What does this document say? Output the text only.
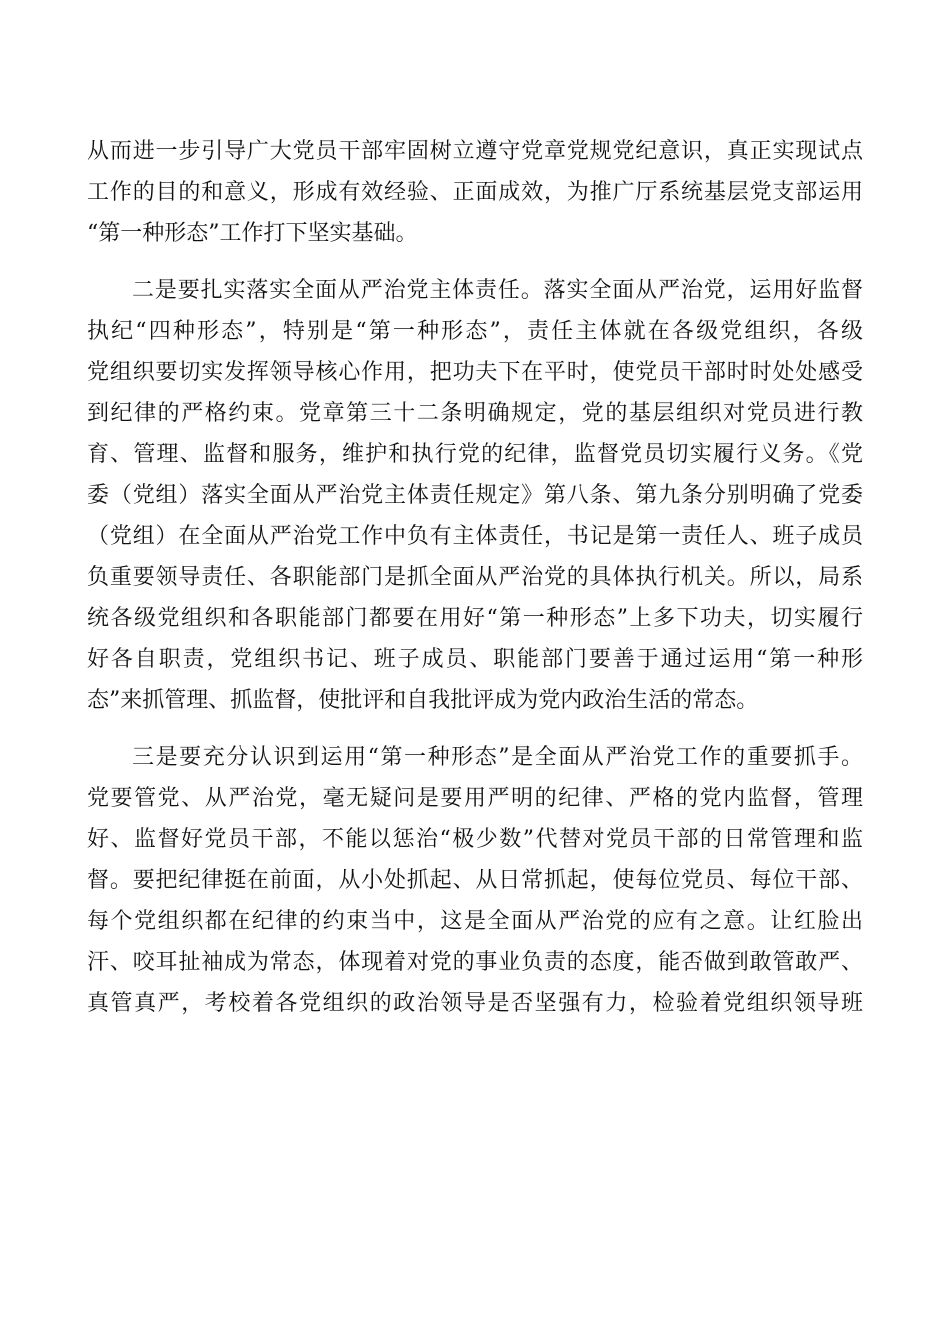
从而进一步引导广大党员干部牢固树立遵守党章党规党纪意识，真正实现试点
工作的目的和意义，形成有效经验、正面成效，为推广厅系统基层党支部运用
“第一种形态”工作打下坚实基础。
二是要扎实落实全面从严治党主体责任。落实全面从严治党，运用好监督
执纪“四种形态”，特别是“第一种形态”，责任主体就在各级党组织，各级
党组织要切实发挥领导核心作用，把功夫下在平时，使党员干部时时处处感受
到纪律的严格约束。党章第三十二条明确规定，党的基层组织对党员进行教
育、管理、监督和服务，维护和执行党的纪律，监督党员切实履行义务。《党
委（党组）落实全面从严治党主体责任规定》第八条、第九条分别明确了党委
（党组）在全面从严治党工作中负有主体责任，书记是第一责任人、班子成员
负重要领导责任、各职能部门是抓全面从严治党的具体执行机关。所以，局系
统各级党组织和各职能部门都要在用好“第一种形态”上多下功夫，切实履行
好各自职责，党组织书记、班子成员、职能部门要善于通过运用“第一种形
态”来抓管理、抓监督，使批评和自我批评成为党内政治生活的常态。
三是要充分认识到运用“第一种形态”是全面从严治党工作的重要抓手。
党要管党、从严治党，毫无疑问是要用严明的纪律、严格的党内监督，管理
好、监督好党员干部，不能以惩治“极少数”代替对党员干部的日常管理和监
督。要把纪律挺在前面，从小处抓起、从日常抓起，使每位党员、每位干部、
每个党组织都在纪律的约束当中，这是全面从严治党的应有之意。让红脸出
汗、咬耳扯袖成为常态，体现着对党的事业负责的态度，能否做到敢管敢严、
真管真严，考校着各党组织的政治领导是否坚强有力，检验着党组织领导班
